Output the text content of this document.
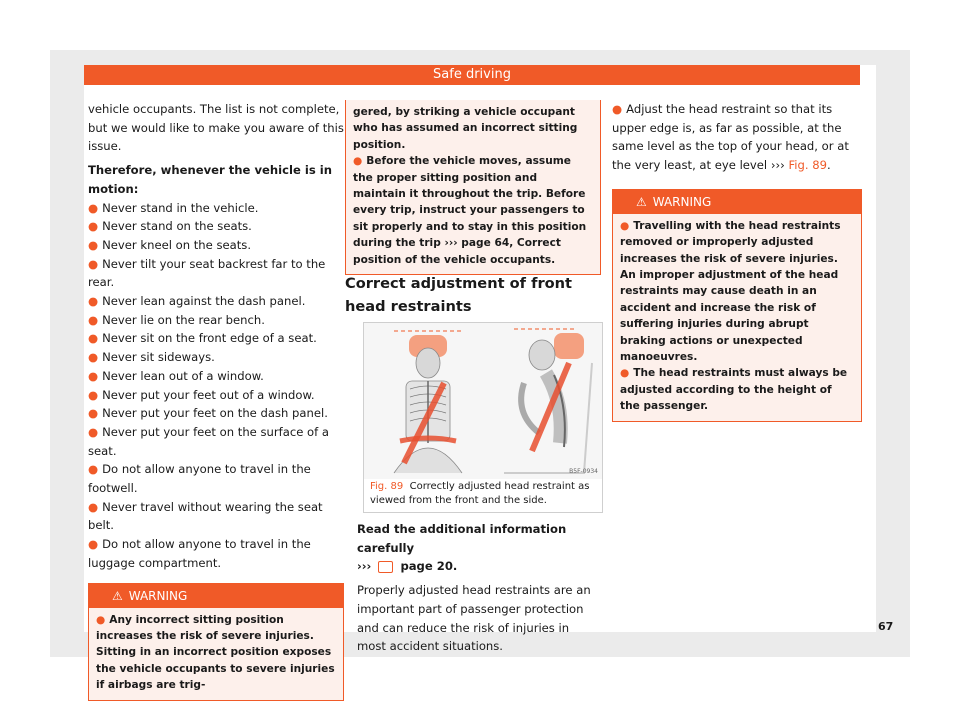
Safe driving

vehicle occupants. The list is not complete, but we would like to make you aware of this issue.

Therefore, whenever the vehicle is in motion:

● Never stand in the vehicle.

● Never stand on the seats.

● Never kneel on the seats.

● Never tilt your seat backrest far to the rear.

● Never lean against the dash panel.

● Never lie on the rear bench.

● Never sit on the front edge of a seat.

● Never sit sideways.

● Never lean out of a window.

● Never put your feet out of a window.

● Never put your feet on the dash panel.

● Never put your feet on the surface of a seat.

● Do not allow anyone to travel in the footwell.

● Never travel without wearing the seat belt.

● Do not allow anyone to travel in the luggage compartment.

⚠ WARNING
● Any incorrect sitting position increases the risk of severe injuries. Sitting in an incorrect position exposes the vehicle occupants to severe injuries if airbags are trig-
gered, by striking a vehicle occupant who has assumed an incorrect sitting position.

● Before the vehicle moves, assume the proper sitting position and maintain it throughout the trip. Before every trip, instruct your passengers to sit properly and to stay in this position during the trip ››› page 64, Correct position of the vehicle occupants.

Correct adjustment of front head restraints
B5F-0934
Fig. 89 Correctly adjusted head restraint as viewed from the front and the side.

Read the additional information carefully
›››	page 20.

Properly adjusted head restraints are an important part of passenger protection and can reduce the risk of injuries in most accident situations.

● Adjust the head restraint so that its upper edge is, as far as possible, at the same level as the top of your head, or at the very least, at eye level ››› Fig. 89.

⚠ WARNING

● Travelling with the head restraints removed or improperly adjusted increases the risk of severe injuries. An improper adjustment of the head restraints may cause death in an accident and increase the risk of suffering injuries during abrupt braking actions or unexpected manoeuvres.

● The head restraints must always be adjusted according to the height of the passenger.

67
